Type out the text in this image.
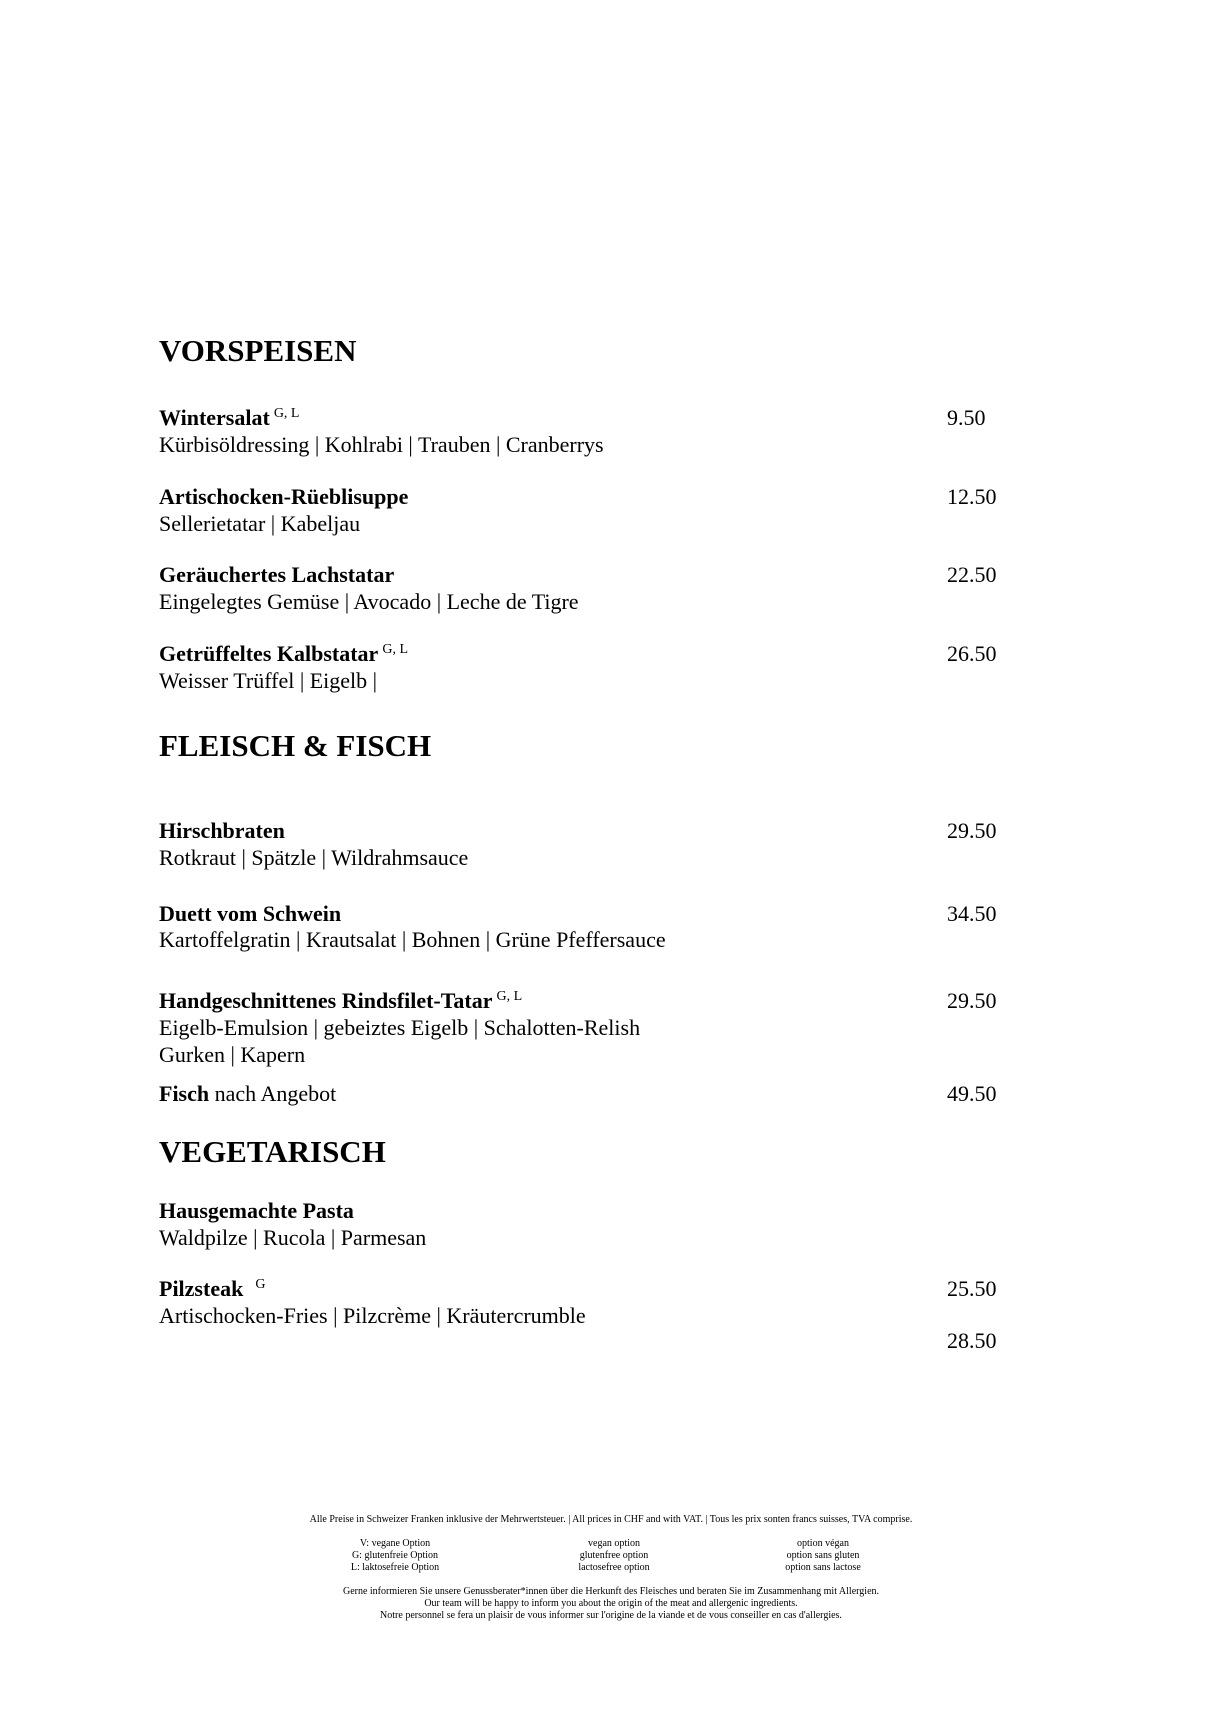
VORSPEISEN
Wintersalat $^{G, L}$	9.50
Kürbisöldressing | Kohlrabi | Trauben | Cranberrys
Artischocken-Rüeblisuppe	12.50
Sellerietatar | Kabeljau
Geräuchertes Lachstatar	22.50
Eingelegtes Gemüse | Avocado | Leche de Tigre
Getrüffeltes Kalbstatar $^{G, L}$	26.50
Weisser Trüffel | Eigelb |
FLEISCH & FISCH
Hirschbraten	29.50
Rotkraut | Spätzle | Wildrahmsauce
Duett vom Schwein	34.50
Kartoffelgratin | Krautsalat | Bohnen | Grüne Pfeffersauce
Handgeschnittenes Rindsfilet-Tatar $^{G, L}$	29.50
Eigelb-Emulsion | gebeiztes Eigelb | Schalotten-Relish
Gurken | Kapern
Fisch nach Angebot	49.50
VEGETARISCH
Hausgemachte Pasta
Waldpilze | Rucola | Parmesan
Pilzsteak $^G$	25.50
Artischocken-Fries | Pilzcrème | Kräutercrumble
28.50
Alle Preise in Schweizer Franken inklusive der Mehrwertsteuer. | All prices in CHF and with VAT. | Tous les prix sonten francs suisses, TVA comprise.
V: vegane Option
G: glutenfreie Option
L: laktosefreie Option
vegan option
glutenfree option
lactosefree option
option végan
option sans gluten
option sans lactose
Gerne informieren Sie unsere Genussberater*innen über die Herkunft des Fleisches und beraten Sie im Zusammenhang mit Allergien.
Our team will be happy to inform you about the origin of the meat and allergenic ingredients.
Notre personnel se fera un plaisir de vous informer sur l'origine de la viande et de vous conseiller en cas d'allergies.
